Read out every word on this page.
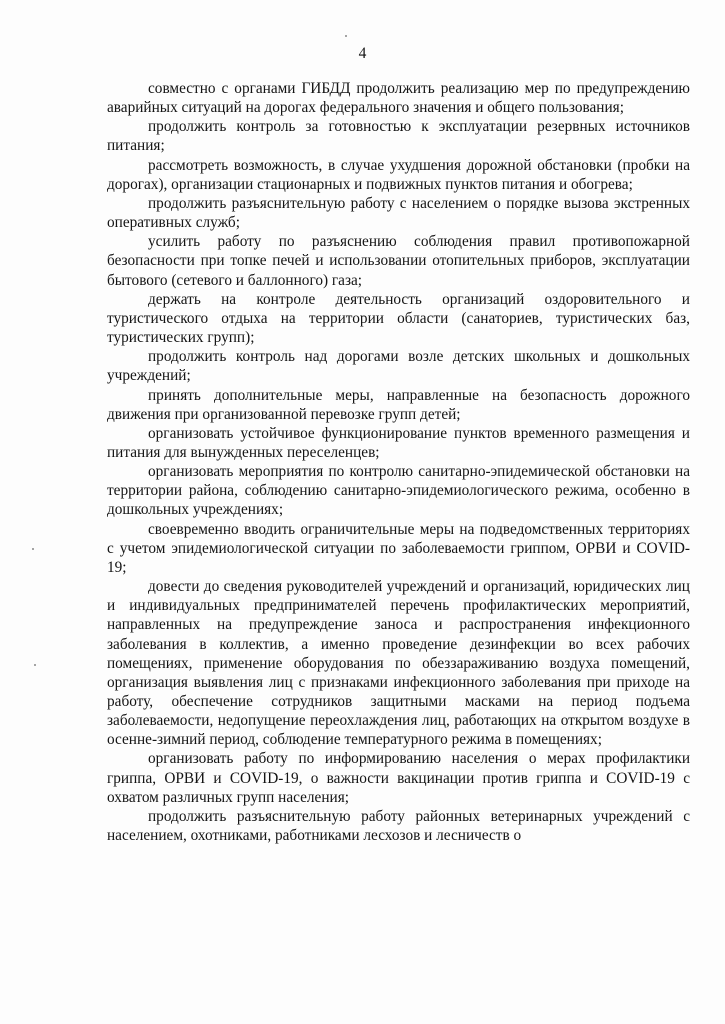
4

совместно с органами ГИБДД продолжить реализацию мер по предупреждению аварийных ситуаций на дорогах федерального значения и общего пользования;

продолжить контроль за готовностью к эксплуатации резервных источников питания;

рассмотреть возможность, в случае ухудшения дорожной обстановки (пробки на дорогах), организации стационарных и подвижных пунктов питания и обогрева;

продолжить разъяснительную работу с населением о порядке вызова экстренных оперативных служб;

усилить работу по разъяснению соблюдения правил противопожарной безопасности при топке печей и использовании отопительных приборов, эксплуатации бытового (сетевого и баллонного) газа;

держать на контроле деятельность организаций оздоровительного и туристического отдыха на территории области (санаториев, туристических баз, туристических групп);

продолжить контроль над дорогами возле детских школьных и дошкольных учреждений;

принять дополнительные меры, направленные на безопасность дорожного движения при организованной перевозке групп детей;

организовать устойчивое функционирование пунктов временного размещения и питания для вынужденных переселенцев;

организовать мероприятия по контролю санитарно-эпидемической обстановки на территории района, соблюдению санитарно-эпидемиологического режима, особенно в дошкольных учреждениях;

своевременно вводить ограничительные меры на подведомственных территориях с учетом эпидемиологической ситуации по заболеваемости гриппом, ОРВИ и COVID-19;

довести до сведения руководителей учреждений и организаций, юридических лиц и индивидуальных предпринимателей перечень профилактических мероприятий, направленных на предупреждение заноса и распространения инфекционного заболевания в коллектив, а именно проведение дезинфекции во всех рабочих помещениях, применение оборудования по обеззараживанию воздуха помещений, организация выявления лиц с признаками инфекционного заболевания при приходе на работу, обеспечение сотрудников защитными масками на период подъема заболеваемости, недопущение переохлаждения лиц, работающих на открытом воздухе в осенне-зимний период, соблюдение температурного режима в помещениях;

организовать работу по информированию населения о мерах профилактики гриппа, ОРВИ и COVID-19, о важности вакцинации против гриппа и COVID-19 с охватом различных групп населения;

продолжить разъяснительную работу районных ветеринарных учреждений с населением, охотниками, работниками лесхозов и лесничеств о
